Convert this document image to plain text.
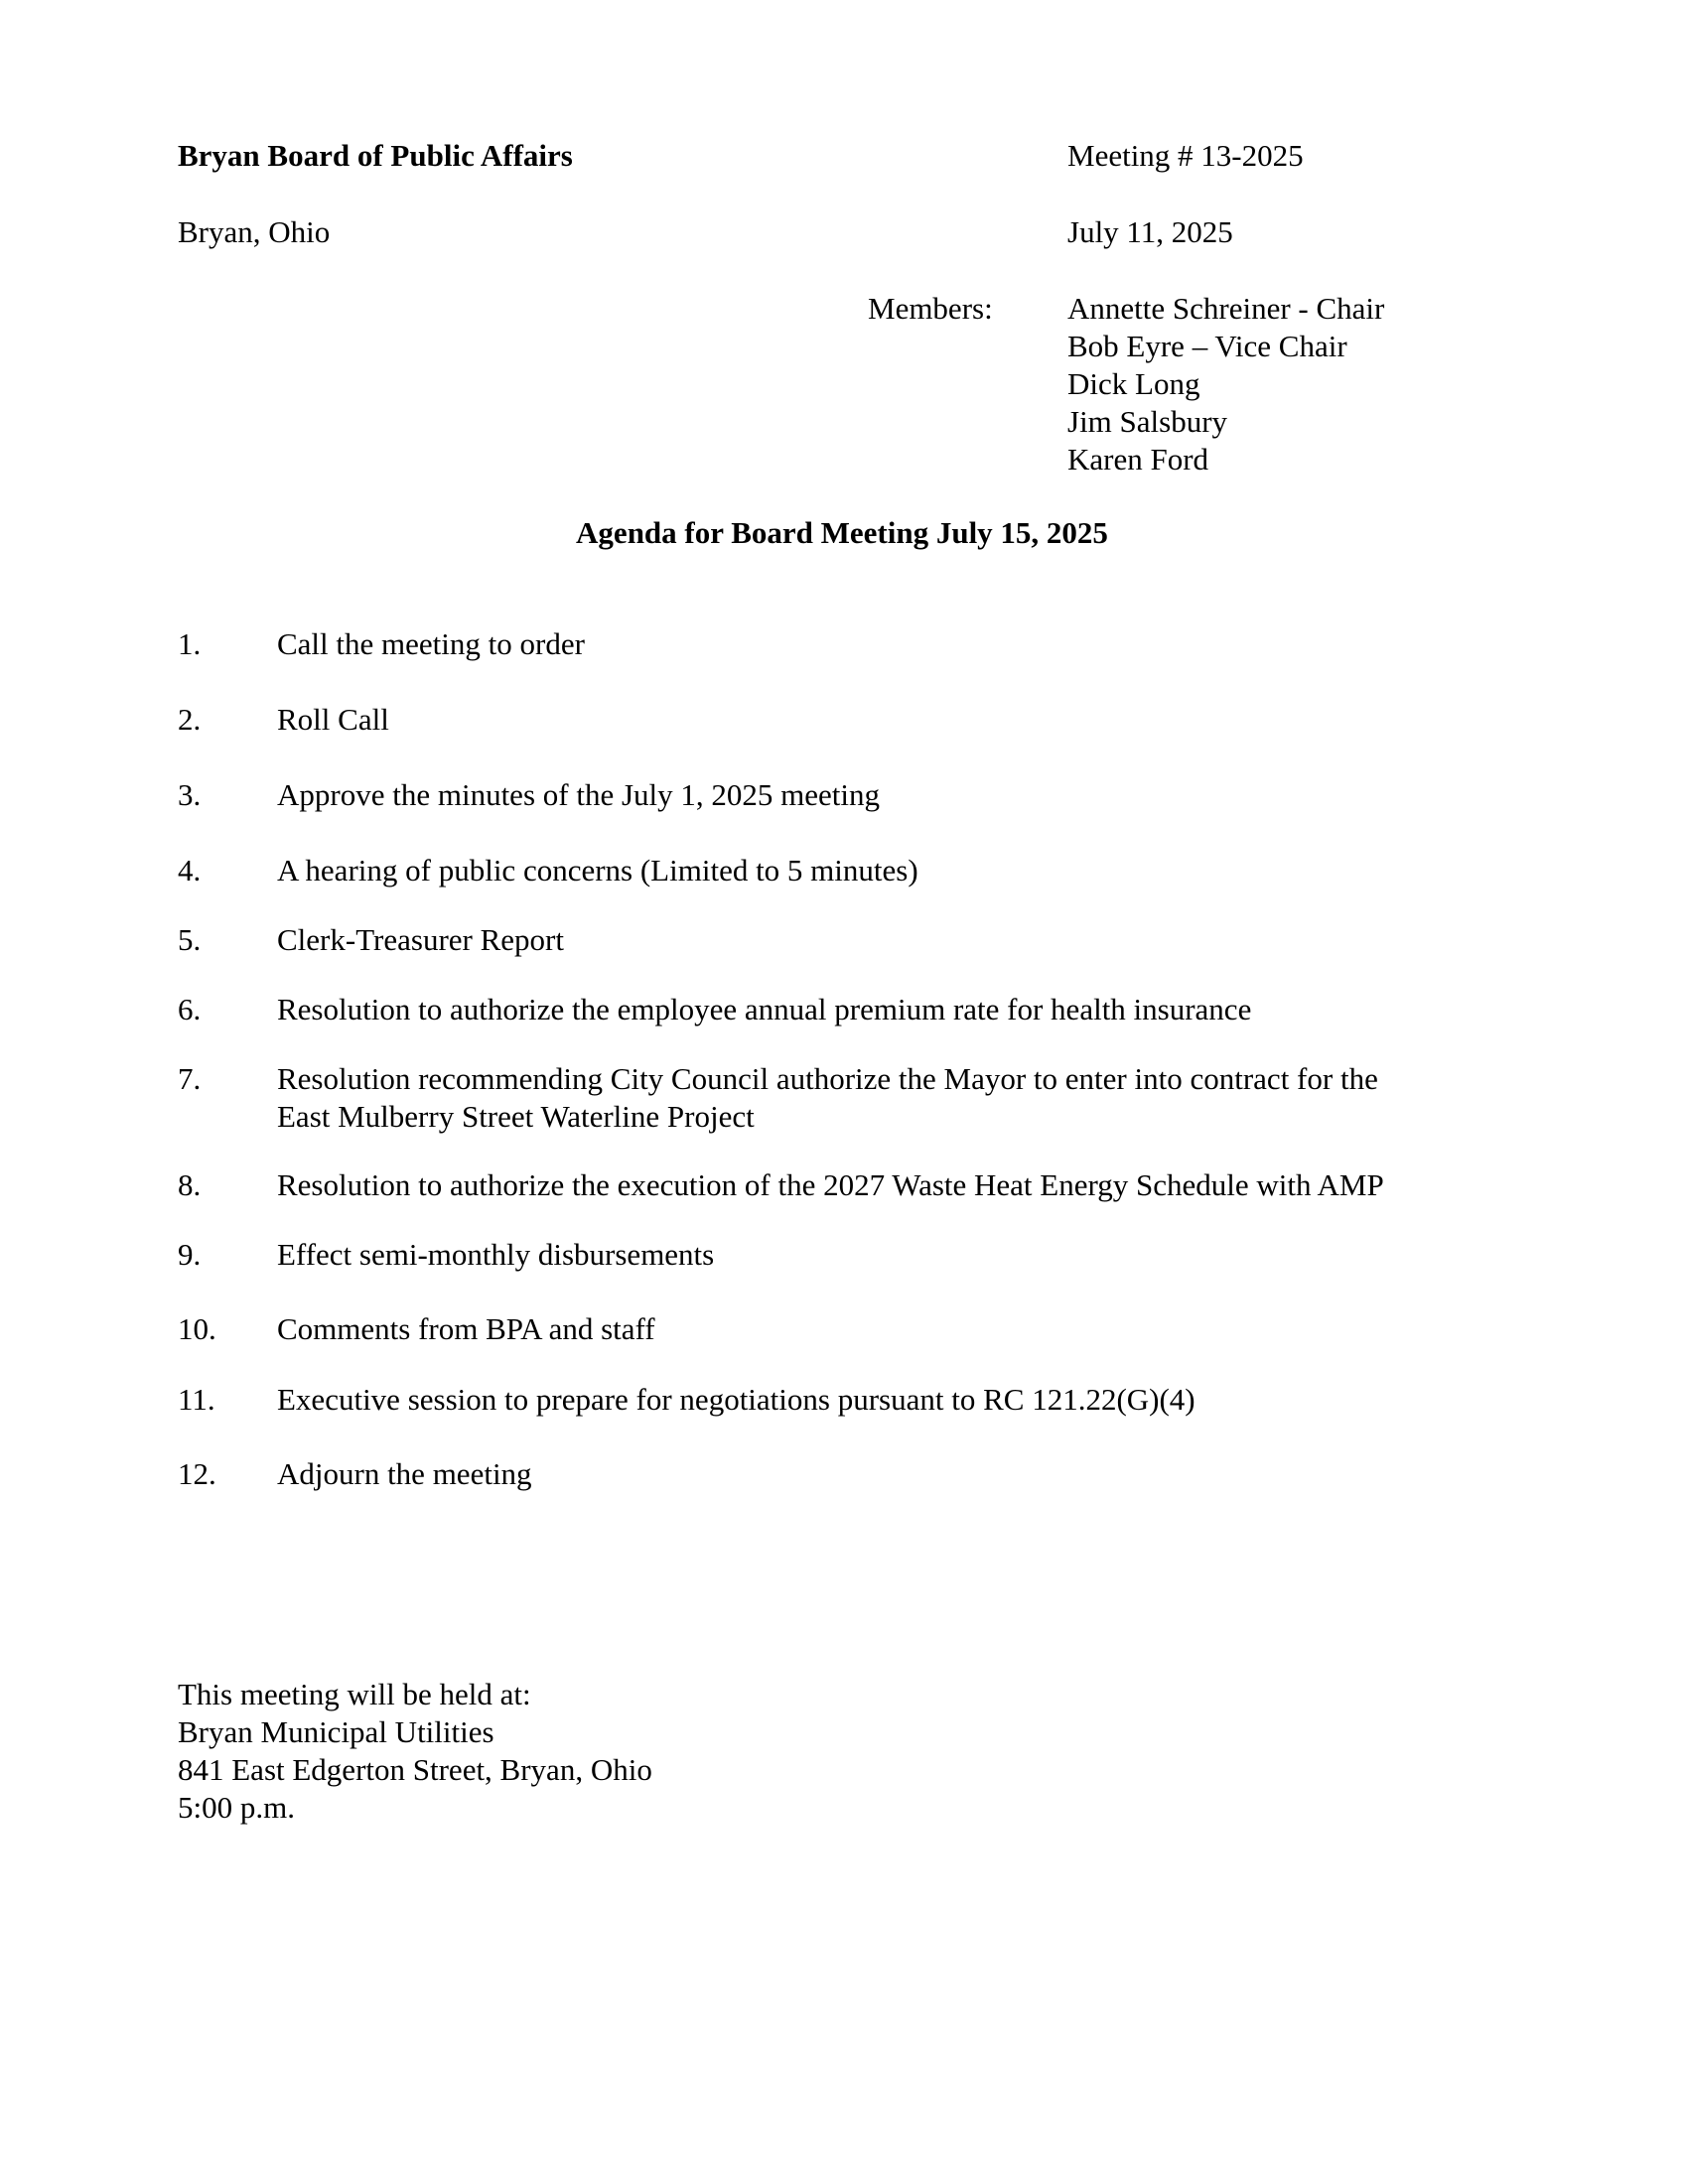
Bryan Board of Public Affairs
Bryan, Ohio
Meeting # 13-2025
July 11, 2025
Members: Annette Schreiner - Chair
Bob Eyre – Vice Chair
Dick Long
Jim Salsbury
Karen Ford
Agenda for Board Meeting July 15, 2025
1. Call the meeting to order
2. Roll Call
3. Approve the minutes of the July 1, 2025 meeting
4. A hearing of public concerns (Limited to 5 minutes)
5. Clerk-Treasurer Report
6. Resolution to authorize the employee annual premium rate for health insurance
7. Resolution recommending City Council authorize the Mayor to enter into contract for the
East Mulberry Street Waterline Project
8. Resolution to authorize the execution of the 2027 Waste Heat Energy Schedule with AMP
9. Effect semi-monthly disbursements
10. Comments from BPA and staff
11. Executive session to prepare for negotiations pursuant to RC 121.22(G)(4)
12. Adjourn the meeting
This meeting will be held at:
Bryan Municipal Utilities
841 East Edgerton Street, Bryan, Ohio
5:00 p.m.
